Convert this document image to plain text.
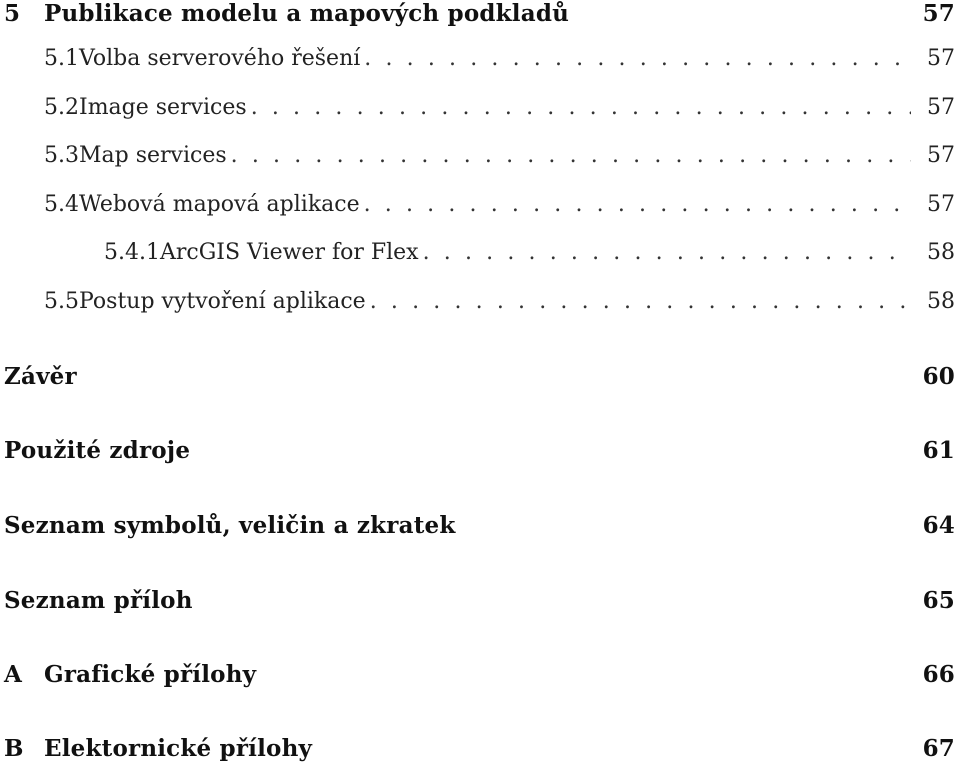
5	Publikace modelu a mapových podkladů	57
5.1 Volba serverového řešení . . .	57
5.2 Image services . . .	57
5.3 Map services . . .	57
5.4 Webová mapová aplikace . . .	57
5.4.1 ArcGIS Viewer for Flex . . .	58
5.5 Postup vytvoření aplikace . . .	58
Závěr	60
Použité zdroje	61
Seznam symbolů, veličin a zkratek	64
Seznam příloh	65
A Grafické přílohy	66
B Elektornické přílohy	67
